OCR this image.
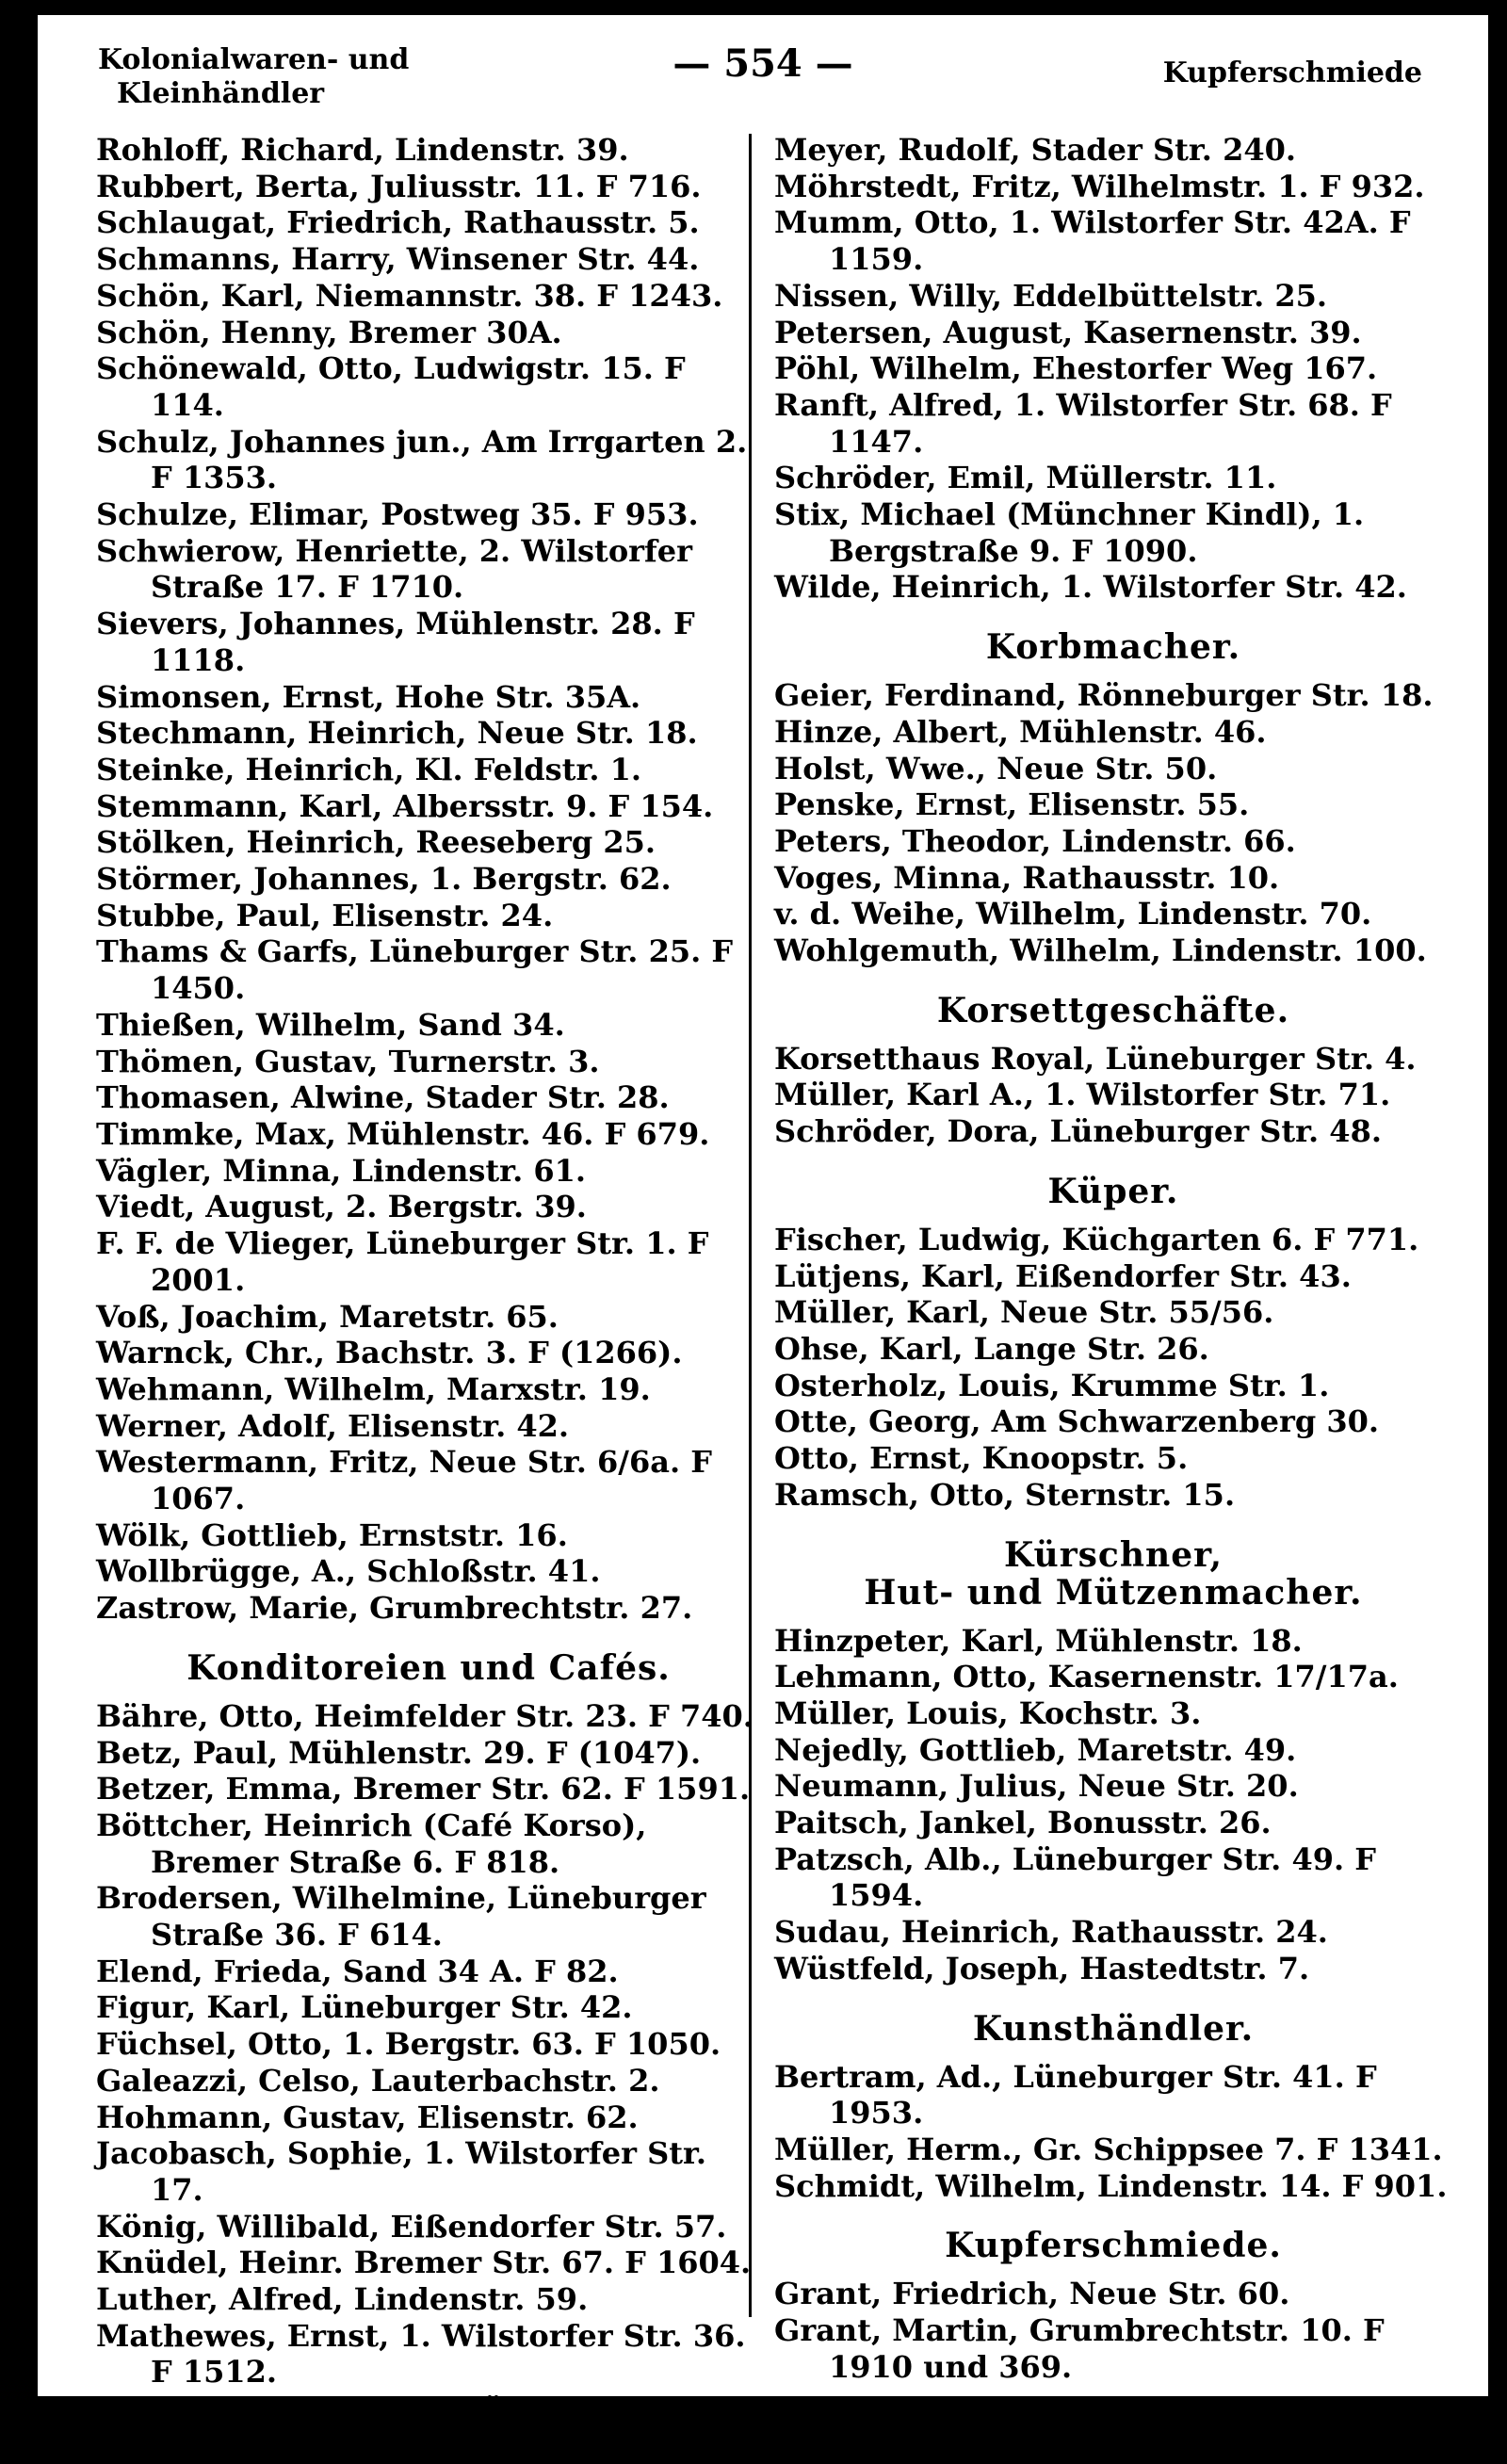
Kolonialwaren- und
Kleinhändler
— 554 —	Kupferschmiede

Rohloff, Richard, Lindenstr. 39.

Rubbert, Berta, Juliusstr. 11. F 716.

Schlaugat, Friedrich, Rathausstr. 5.

Schmanns, Harry, Winsener Str. 44.

Schön, Karl, Niemannstr. 38. F 1243.

Schön, Henny, Bremer 30A.

Schönewald, Otto, Ludwigstr. 15. F 114.

Schulz, Johannes jun., Am Irrgarten 2. F 1353.

Schulze, Elimar, Postweg 35. F 953.

Schwierow, Henriette, 2. Wilstorfer Straße 17. F 1710.

Sievers, Johannes, Mühlenstr. 28. F 1118.

Simonsen, Ernst, Hohe Str. 35A.

Stechmann, Heinrich, Neue Str. 18.

Steinke, Heinrich, Kl. Feldstr. 1.

Stemmann, Karl, Albersstr. 9. F 154.

Stölken, Heinrich, Reeseberg 25.

Störmer, Johannes, 1. Bergstr. 62.

Stubbe, Paul, Elisenstr. 24.

Thams & Garfs, Lüneburger Str. 25. F 1450.

Thießen, Wilhelm, Sand 34.

Thömen, Gustav, Turnerstr. 3.

Thomasen, Alwine, Stader Str. 28.

Timmke, Max, Mühlenstr. 46. F 679.

Vägler, Minna, Lindenstr. 61.

Viedt, August, 2. Bergstr. 39.

F. F. de Vlieger, Lüneburger Str. 1. F 2001.

Voß, Joachim, Maretstr. 65.

Warnck, Chr., Bachstr. 3. F (1266).

Wehmann, Wilhelm, Marxstr. 19.

Werner, Adolf, Elisenstr. 42.

Westermann, Fritz, Neue Str. 6/6a. F 1067.

Wölk, Gottlieb, Ernststr. 16.

Wollbrügge, A., Schloßstr. 41.

Zastrow, Marie, Grumbrechtstr. 27.

Konditoreien und Cafés.

Bähre, Otto, Heimfelder Str. 23. F 740.

Betz, Paul, Mühlenstr. 29. F (1047).

Betzer, Emma, Bremer Str. 62. F 1591.

Böttcher, Heinrich (Café Korso), Bremer Straße 6. F 818.

Brodersen, Wilhelmine, Lüneburger Straße 36. F 614.

Elend, Frieda, Sand 34 A. F 82.

Figur, Karl, Lüneburger Str. 42.

Füchsel, Otto, 1. Bergstr. 63. F 1050.

Galeazzi, Celso, Lauterbachstr. 2.

Hohmann, Gustav, Elisenstr. 62.

Jacobasch, Sophie, 1. Wilstorfer Str. 17.

König, Willibald, Eißendorfer Str. 57.

Knüdel, Heinr. Bremer Str. 67. F 1604.

Luther, Alfred, Lindenstr. 59.

Mathewes, Ernst, 1. Wilstorfer Str. 36. F 1512.

Meisenhofer, Joseph, Lüneburger Str. 25. F 1099.

Meyer, Rudolf, Stader Str. 240.

Möhrstedt, Fritz, Wilhelmstr. 1. F 932.

Mumm, Otto, 1. Wilstorfer Str. 42A. F 1159.

Nissen, Willy, Eddelbüttelstr. 25.

Petersen, August, Kasernenstr. 39.

Pöhl, Wilhelm, Ehestorfer Weg 167.

Ranft, Alfred, 1. Wilstorfer Str. 68. F 1147.

Schröder, Emil, Müllerstr. 11.

Stix, Michael (Münchner Kindl), 1. Bergstraße 9. F 1090.

Wilde, Heinrich, 1. Wilstorfer Str. 42.

Korbmacher.

Geier, Ferdinand, Rönneburger Str. 18.

Hinze, Albert, Mühlenstr. 46.

Holst, Wwe., Neue Str. 50.

Penske, Ernst, Elisenstr. 55.

Peters, Theodor, Lindenstr. 66.

Voges, Minna, Rathausstr. 10.

v. d. Weihe, Wilhelm, Lindenstr. 70.

Wohlgemuth, Wilhelm, Lindenstr. 100.

Korsettgeschäfte.

Korsetthaus Royal, Lüneburger Str. 4.

Müller, Karl A., 1. Wilstorfer Str. 71.

Schröder, Dora, Lüneburger Str. 48.

Küper.

Fischer, Ludwig, Küchgarten 6. F 771.

Lütjens, Karl, Eißendorfer Str. 43.

Müller, Karl, Neue Str. 55/56.

Ohse, Karl, Lange Str. 26.

Osterholz, Louis, Krumme Str. 1.

Otte, Georg, Am Schwarzenberg 30.

Otto, Ernst, Knoopstr. 5.

Ramsch, Otto, Sternstr. 15.

Kürschner,
Hut- und Mützenmacher.

Hinzpeter, Karl, Mühlenstr. 18.

Lehmann, Otto, Kasernenstr. 17/17a.

Müller, Louis, Kochstr. 3.

Nejedly, Gottlieb, Maretstr. 49.

Neumann, Julius, Neue Str. 20.

Paitsch, Jankel, Bonusstr. 26.

Patzsch, Alb., Lüneburger Str. 49. F 1594.

Sudau, Heinrich, Rathausstr. 24.

Wüstfeld, Joseph, Hastedtstr. 7.

Kunsthändler.

Bertram, Ad., Lüneburger Str. 41. F 1953.

Müller, Herm., Gr. Schippsee 7. F 1341.

Schmidt, Wilhelm, Lindenstr. 14. F 901.

Kupferschmiede.

Grant, Friedrich, Neue Str. 60.

Grant, Martin, Grumbrechtstr. 10. F 1910 und 369.
